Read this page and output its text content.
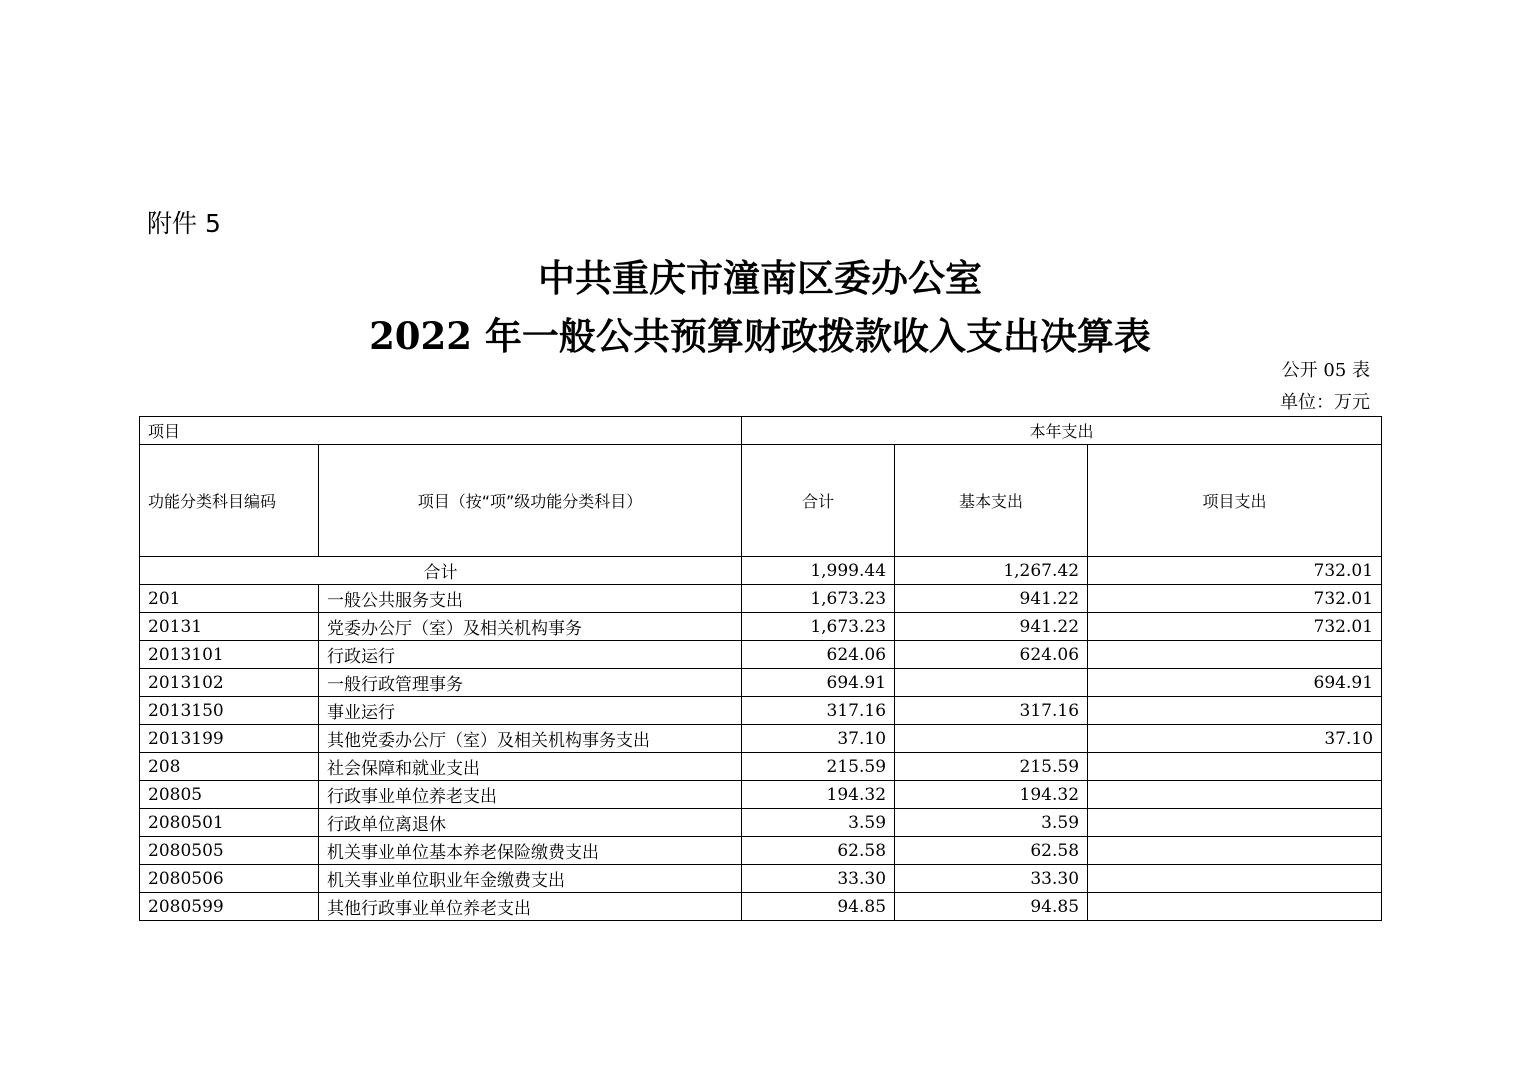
附件 5
中共重庆市潼南区委办公室
2022 年一般公共预算财政拨款收入支出决算表
公开 05 表
单位：万元
项目		本年支出		
功能分类科目编码	项目（按“项”级功能分类科目）	合计	基本支出	项目支出
合计		1,999.44	1,267.42	732.01
201	一般公共服务支出	1,673.23	941.22	732.01
20131	党委办公厅（室）及相关机构事务	1,673.23	941.22	732.01
2013101	行政运行	624.06	624.06	
2013102	一般行政管理事务	694.91		694.91
2013150	事业运行	317.16	317.16	
2013199	其他党委办公厅（室）及相关机构事务支出	37.10		37.10
208	社会保障和就业支出	215.59	215.59	
20805	行政事业单位养老支出	194.32	194.32	
2080501	行政单位离退休	3.59	3.59	
2080505	机关事业单位基本养老保险缴费支出	62.58	62.58	
2080506	机关事业单位职业年金缴费支出	33.30	33.30	
2080599	其他行政事业单位养老支出	94.85	94.85	
